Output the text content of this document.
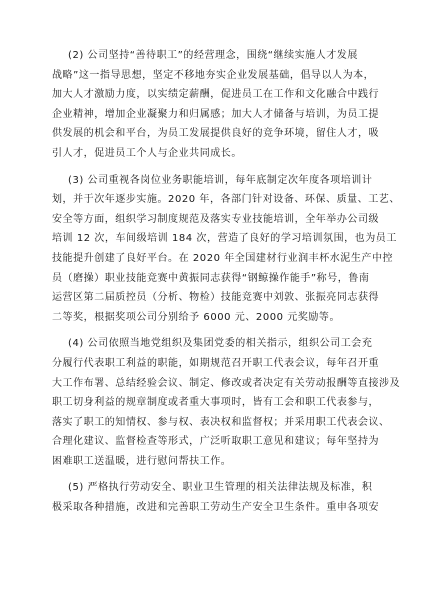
(2) 公司坚持“善待职工”的经营理念，围绕“继续实施人才发展
战略”这一指导思想，坚定不移地夯实企业发展基础，倡导以人为本，
加大人才激励力度，以实绩定薪酬，促进员工在工作和文化融合中践行
企业精神，增加企业凝聚力和归属感；加大人才储备与培训，为员工提
供发展的机会和平台，为员工发展提供良好的竞争环境，留住人才，吸
引人才，促进员工个人与企业共同成长。
(3) 公司重视各岗位业务职能培训，每年底制定次年度各项培训计
划，并于次年逐步实施。2020 年，各部门针对设备、环保、质量、工艺、
安全等方面，组织学习制度规范及落实专业技能培训，全年举办公司级
培训 12 次，车间级培训 184 次，营造了良好的学习培训氛围，也为员工
技能提升创建了良好平台。在 2020 年全国建材行业润丰杯水泥生产中控
员（磨操）职业技能竞赛中黄振同志获得“钢鲸操作能手”称号，鲁南
运营区第二届质控员（分析、物检）技能竞赛中刘敦、张振亮同志获得
二等奖，根据奖项公司分别给予 6000 元、2000 元奖励等。
(4) 公司依照当地党组织及集团党委的相关指示，组织公司工会充
分履行代表职工利益的职能，如期规范召开职工代表会议，每年召开重
大工作布署、总结经验会议、制定、修改或者决定有关劳动报酬等直接涉及
职工切身利益的规章制度或者重大事项时，皆有工会和职工代表参与，
落实了职工的知情权、参与权、表决权和监督权；并采用职工代表会议、
合理化建议、监督检查等形式，广泛听取职工意见和建议；每年坚持为
困难职工送温暖，进行慰问帮扶工作。
(5) 严格执行劳动安全、职业卫生管理的相关法律法规及标准，积
极采取各种措施，改进和完善职工劳动生产安全卫生条件。重申各项安
